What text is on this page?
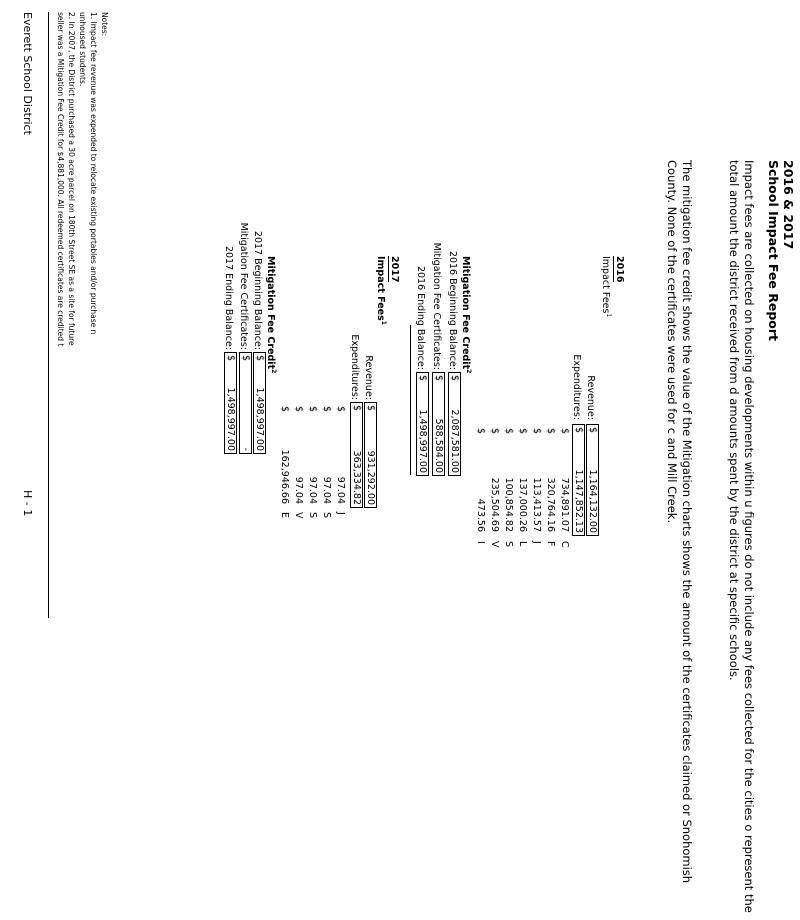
2016 & 2017
School Impact Fee Report
Impact fees are collected on housing developments within u figures do not include any fees collected for the cities o represent the total amount the district received from d amounts spent by the district at specific schools.
The mitigation fee credit shows the value of the Mitigation charts shows the amount of the certificates claimed or Snohomish County. None of the certificates were used for c and Mill Creek.
2016
Impact Fees$^1$
Revenue:
$
1,164,132.00
Expenditures:
$
1,147,852.13
$
734,891.07
C
$
320,764.16
F
$
113,413.57
J
$
137,000.26
L
$
100,854.82
S
$
235,504.69
V
$
473.56
I
Mitigation Fee Credit$^2$
2016 Beginning Balance:
$
2,087,581.00
Mitigation Fee Certificates:
$
588,584.00
2016 Ending Balance:
$
1,498,997.00
2017
Impact Fees$^1$
Revenue:
$
931,292.00
Expenditures:
$
363,334.82
$
97.04
J
$
97.04
S
$
97.04
S
$
97.04
V
$
162,946.66
E
Mitigation Fee Credit$^2$
2017 Beginning Balance:
$
1,498,997.00
Mitigation Fee Certificates:
$
-
2017 Ending Balance:
$
1,498,997.00
Notes:
1. Impact fee revenue was expended to relocate existing portables and/or purchase n
unhoused students.
2. In 2007, the District purchased a 30 acre parcel on 180th Street SE as a site for future
seller was a Mitigation Fee Credit for $4,881,000. All redeemed certificates are credited t
Everett School District
H - 1
